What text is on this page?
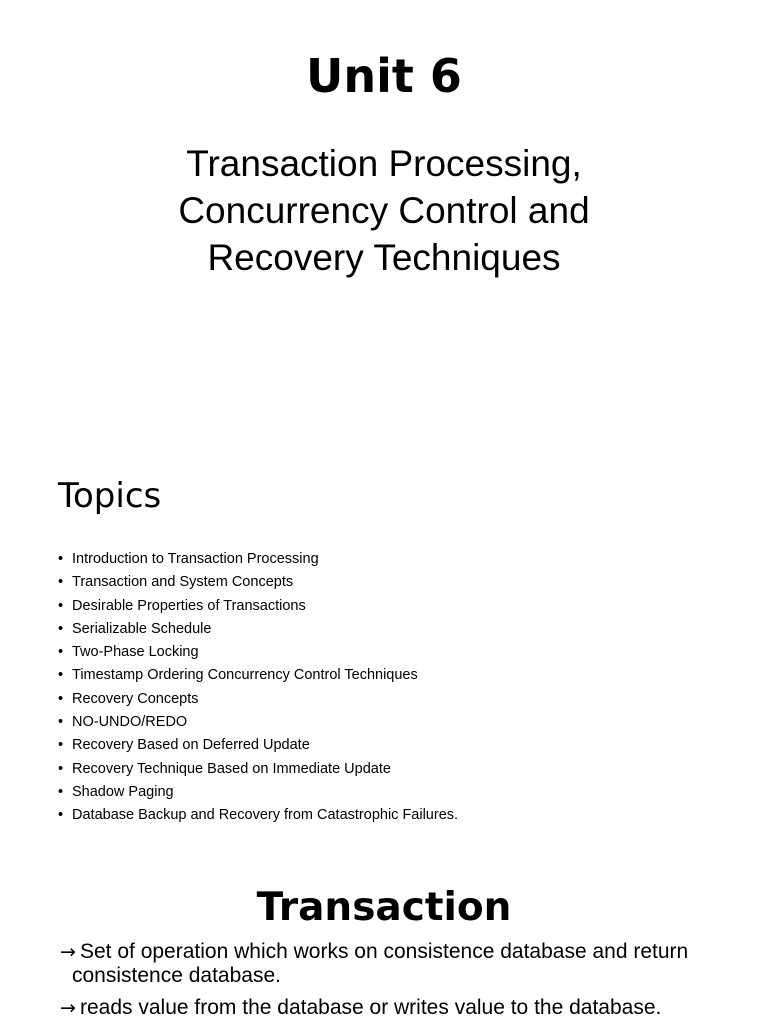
Unit 6
Transaction Processing,
Concurrency Control and
Recovery Techniques
Topics
• Introduction to Transaction Processing
• Transaction and System Concepts
• Desirable Properties of Transactions
• Serializable Schedule
• Two-Phase Locking
• Timestamp Ordering Concurrency Control Techniques
• Recovery Concepts
• NO-UNDO/REDO
• Recovery Based on Deferred Update
• Recovery Technique Based on Immediate Update
• Shadow Paging
• Database Backup and Recovery from Catastrophic Failures.
Transaction
→ Set of operation which works on consistence database and return consistence database.
→ reads value from the database or writes value to the database.
